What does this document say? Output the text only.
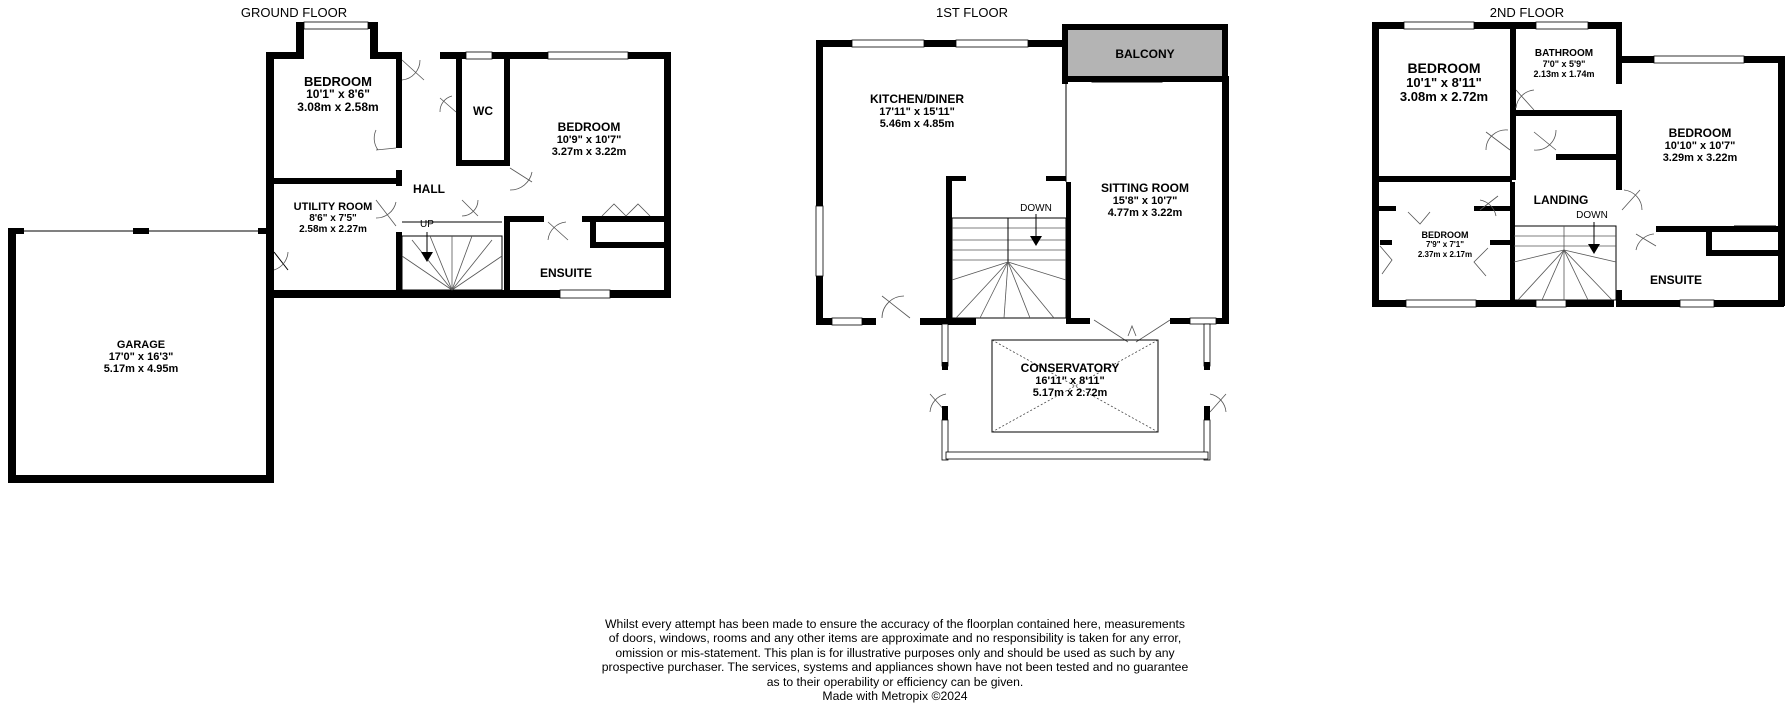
GROUND FLOOR
UP
BEDROOM
10'1" x 8'6"
3.08m x 2.58m	WC
BEDROOM
10'9" x 10'7"
3.27m x 3.22m
HALL
UTILITY ROOM
8'6" x 7'5"
2.58m x 2.27m
ENSUITE
GARAGE
17'0" x 16'3"
5.17m x 4.95m
1ST FLOOR
BALCONY
DOWN
KITCHEN/DINER
17'11" x 15'11"
5.46m x 4.85m
SITTING ROOM
15'8" x 10'7"
4.77m x 3.22m
CONSERVATORY
16'11" x 8'11"
5.17m x 2.72m
2ND FLOOR
DOWN
BEDROOM
10'1" x 8'11"
3.08m x 2.72m
BATHROOM
7'0" x 5'9"
2.13m x 1.74m
BEDROOM
10'10" x 10'7"
3.29m x 3.22m
LANDING
BEDROOM
7'9" x 7'1"
2.37m x 2.17m
ENSUITE
Whilst every attempt has been made to ensure the accuracy of the floorplan contained here, measurements
of doors, windows, rooms and any other items are approximate and no responsibility is taken for any error,
omission or mis-statement. This plan is for illustrative purposes only and should be used as such by any
prospective purchaser. The services, systems and appliances shown have not been tested and no guarantee
as to their operability or efficiency can be given.
Made with Metropix ©2024
